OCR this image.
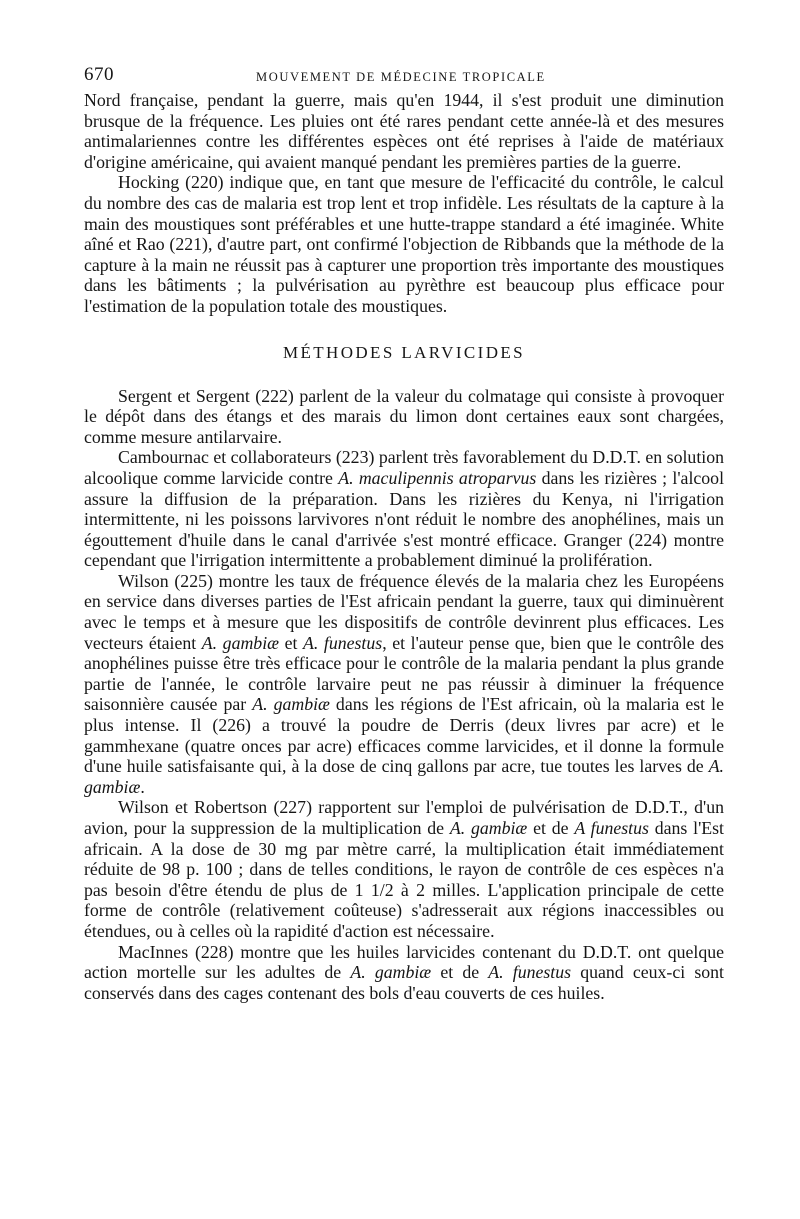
670	MOUVEMENT DE MÉDECINE TROPICALE

Nord française, pendant la guerre, mais qu'en 1944, il s'est produit une diminution brusque de la fréquence. Les pluies ont été rares pendant cette année-là et des mesures antimalariennes contre les différentes espèces ont été reprises à l'aide de matériaux d'origine américaine, qui avaient manqué pendant les premières parties de la guerre.

Hocking (220) indique que, en tant que mesure de l'efficacité du contrôle, le calcul du nombre des cas de malaria est trop lent et trop infidèle. Les résultats de la capture à la main des moustiques sont préférables et une hutte-trappe standard a été imaginée. White aîné et Rao (221), d'autre part, ont confirmé l'objection de Ribbands que la méthode de la capture à la main ne réussit pas à capturer une proportion très importante des moustiques dans les bâtiments ; la pulvérisation au pyrèthre est beaucoup plus efficace pour l'estimation de la population totale des moustiques.

MÉTHODES LARVICIDES

Sergent et Sergent (222) parlent de la valeur du colmatage qui consiste à provoquer le dépôt dans des étangs et des marais du limon dont certaines eaux sont chargées, comme mesure antilarvaire.

Cambournac et collaborateurs (223) parlent très favorablement du D.D.T. en solution alcoolique comme larvicide contre A. maculipennis atroparvus dans les rizières ; l'alcool assure la diffusion de la préparation. Dans les rizières du Kenya, ni l'irrigation intermittente, ni les poissons larvivores n'ont réduit le nombre des anophélines, mais un égouttement d'huile dans le canal d'arrivée s'est montré efficace. Granger (224) montre cependant que l'irrigation intermittente a probablement diminué la prolifération.

Wilson (225) montre les taux de fréquence élevés de la malaria chez les Européens en service dans diverses parties de l'Est africain pendant la guerre, taux qui diminuèrent avec le temps et à mesure que les dispositifs de contrôle devinrent plus efficaces. Les vecteurs étaient A. gambiæ et A. funestus, et l'auteur pense que, bien que le contrôle des anophélines puisse être très efficace pour le contrôle de la malaria pendant la plus grande partie de l'année, le contrôle larvaire peut ne pas réussir à diminuer la fréquence saisonnière causée par A. gambiæ dans les régions de l'Est africain, où la malaria est le plus intense. Il (226) a trouvé la poudre de Derris (deux livres par acre) et le gammhexane (quatre onces par acre) efficaces comme larvicides, et il donne la formule d'une huile satisfaisante qui, à la dose de cinq gallons par acre, tue toutes les larves de A. gambiæ.

Wilson et Robertson (227) rapportent sur l'emploi de pulvérisation de D.D.T., d'un avion, pour la suppression de la multiplication de A. gambiæ et de A funestus dans l'Est africain. A la dose de 30 mg par mètre carré, la multiplication était immédiatement réduite de 98 p. 100 ; dans de telles conditions, le rayon de contrôle de ces espèces n'a pas besoin d'être étendu de plus de 1 1/2 à 2 milles. L'application principale de cette forme de contrôle (relativement coûteuse) s'adresserait aux régions inaccessibles ou étendues, ou à celles où la rapidité d'action est nécessaire.

MacInnes (228) montre que les huiles larvicides contenant du D.D.T. ont quelque action mortelle sur les adultes de A. gambiæ et de A. funestus quand ceux-ci sont conservés dans des cages contenant des bols d'eau couverts de ces huiles.
